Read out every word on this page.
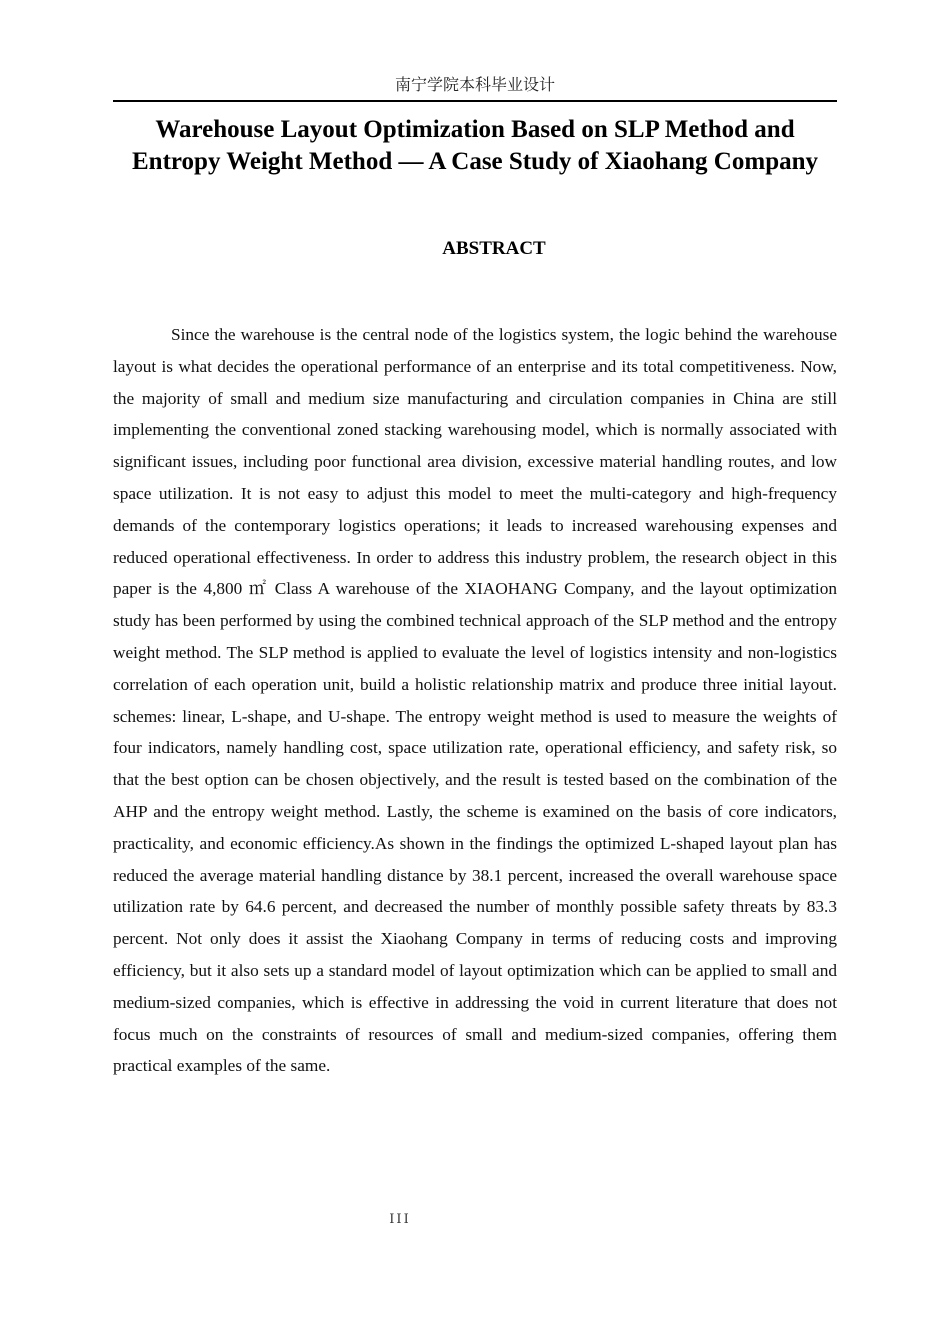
南宁学院本科毕业设计
Warehouse Layout Optimization Based on SLP Method and
Entropy Weight Method — A Case Study of Xiaohang Company
ABSTRACT

Since the warehouse is the central node of the logistics system, the logic behind the warehouse layout is what decides the operational performance of an enterprise and its total competitiveness. Now, the majority of small and medium size manufacturing and circulation companies in China are still implementing the conventional zoned stacking warehousing model, which is normally associated with significant issues, including poor functional area division, excessive material handling routes, and low space utilization. It is not easy to adjust this model to meet the multi-category and high-frequency demands of the contemporary logistics operations; it leads to increased warehousing expenses and reduced operational effectiveness. In order to address this industry problem, the research object in this paper is the 4,800 ㎡ Class A warehouse of the XIAOHANG Company, and the layout optimization study has been performed by using the combined technical approach of the SLP method and the entropy weight method. The SLP method is applied to evaluate the level of logistics intensity and non-logistics correlation of each operation unit, build a holistic relationship matrix and produce three initial layout. schemes: linear, L-shape, and U-shape. The entropy weight method is used to measure the weights of four indicators, namely handling cost, space utilization rate, operational efficiency, and safety risk, so that the best option can be chosen objectively, and the result is tested based on the combination of the AHP and the entropy weight method. Lastly, the scheme is examined on the basis of core indicators, practicality, and economic efficiency.As shown in the findings the optimized L-shaped layout plan has reduced the average material handling distance by 38.1 percent, increased the overall warehouse space utilization rate by 64.6 percent, and decreased the number of monthly possible safety threats by 83.3 percent. Not only does it assist the Xiaohang Company in terms of reducing costs and improving efficiency, but it also sets up a standard model of layout optimization which can be applied to small and medium-sized companies, which is effective in addressing the void in current literature that does not focus much on the constraints of resources of small and medium-sized companies, offering them practical examples of the same.

III
